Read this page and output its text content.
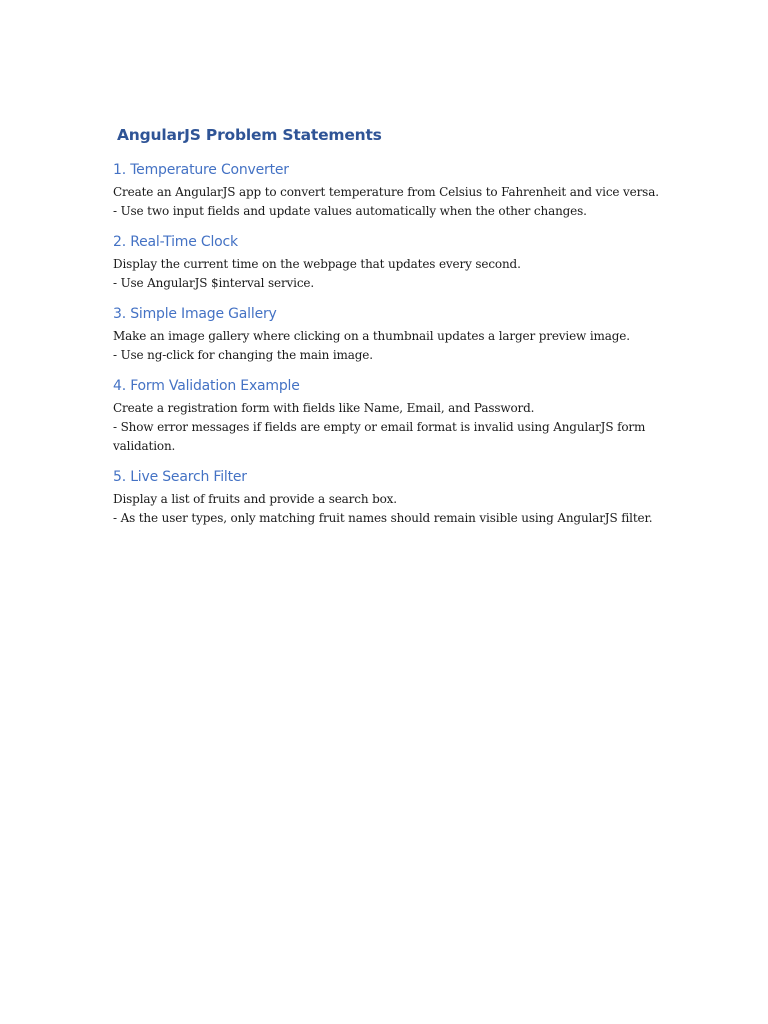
AngularJS Problem Statements
1. Temperature Converter

Create an AngularJS app to convert temperature from Celsius to Fahrenheit and vice versa.

- Use two input fields and update values automatically when the other changes.

2. Real-Time Clock

Display the current time on the webpage that updates every second.

- Use AngularJS $interval service.

3. Simple Image Gallery

Make an image gallery where clicking on a thumbnail updates a larger preview image.

- Use ng-click for changing the main image.

4. Form Validation Example

Create a registration form with fields like Name, Email, and Password.

- Show error messages if fields are empty or email format is invalid using AngularJS form

validation.

5. Live Search Filter

Display a list of fruits and provide a search box.

- As the user types, only matching fruit names should remain visible using AngularJS filter.
